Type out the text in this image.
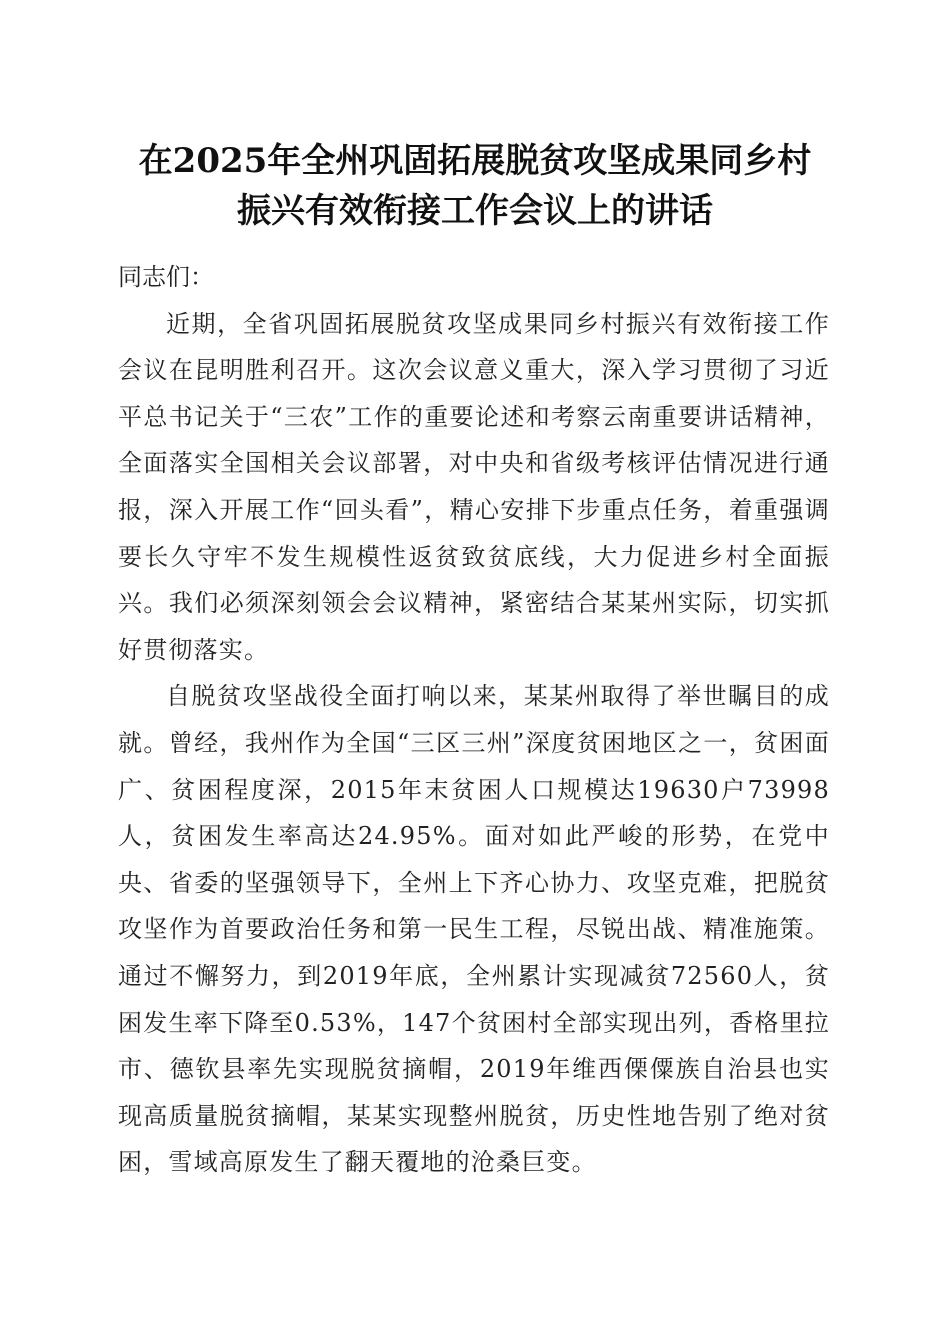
在2025年全州巩固拓展脱贫攻坚成果同乡村
振兴有效衔接工作会议上的讲话

同志们：

近期，全省巩固拓展脱贫攻坚成果同乡村振兴有效衔接工作会议在昆明胜利召开。这次会议意义重大，深入学习贯彻了习近平总书记关于“三农”工作的重要论述和考察云南重要讲话精神，全面落实全国相关会议部署，对中央和省级考核评估情况进行通报，深入开展工作“回头看”，精心安排下步重点任务，着重强调要长久守牢不发生规模性返贫致贫底线，大力促进乡村全面振兴。我们必须深刻领会会议精神，紧密结合某某州实际，切实抓好贯彻落实。

自脱贫攻坚战役全面打响以来，某某州取得了举世瞩目的成就。曾经，我州作为全国“三区三州”深度贫困地区之一，贫困面广、贫困程度深，2015年末贫困人口规模达19630户73998人，贫困发生率高达24.95%。面对如此严峻的形势，在党中央、省委的坚强领导下，全州上下齐心协力、攻坚克难，把脱贫攻坚作为首要政治任务和第一民生工程，尽锐出战、精准施策。通过不懈努力，到2019年底，全州累计实现减贫72560人，贫困发生率下降至0.53%，147个贫困村全部实现出列，香格里拉市、德钦县率先实现脱贫摘帽，2019年维西傈僳族自治县也实现高质量脱贫摘帽，某某实现整州脱贫，历史性地告别了绝对贫困，雪域高原发生了翻天覆地的沧桑巨变。
